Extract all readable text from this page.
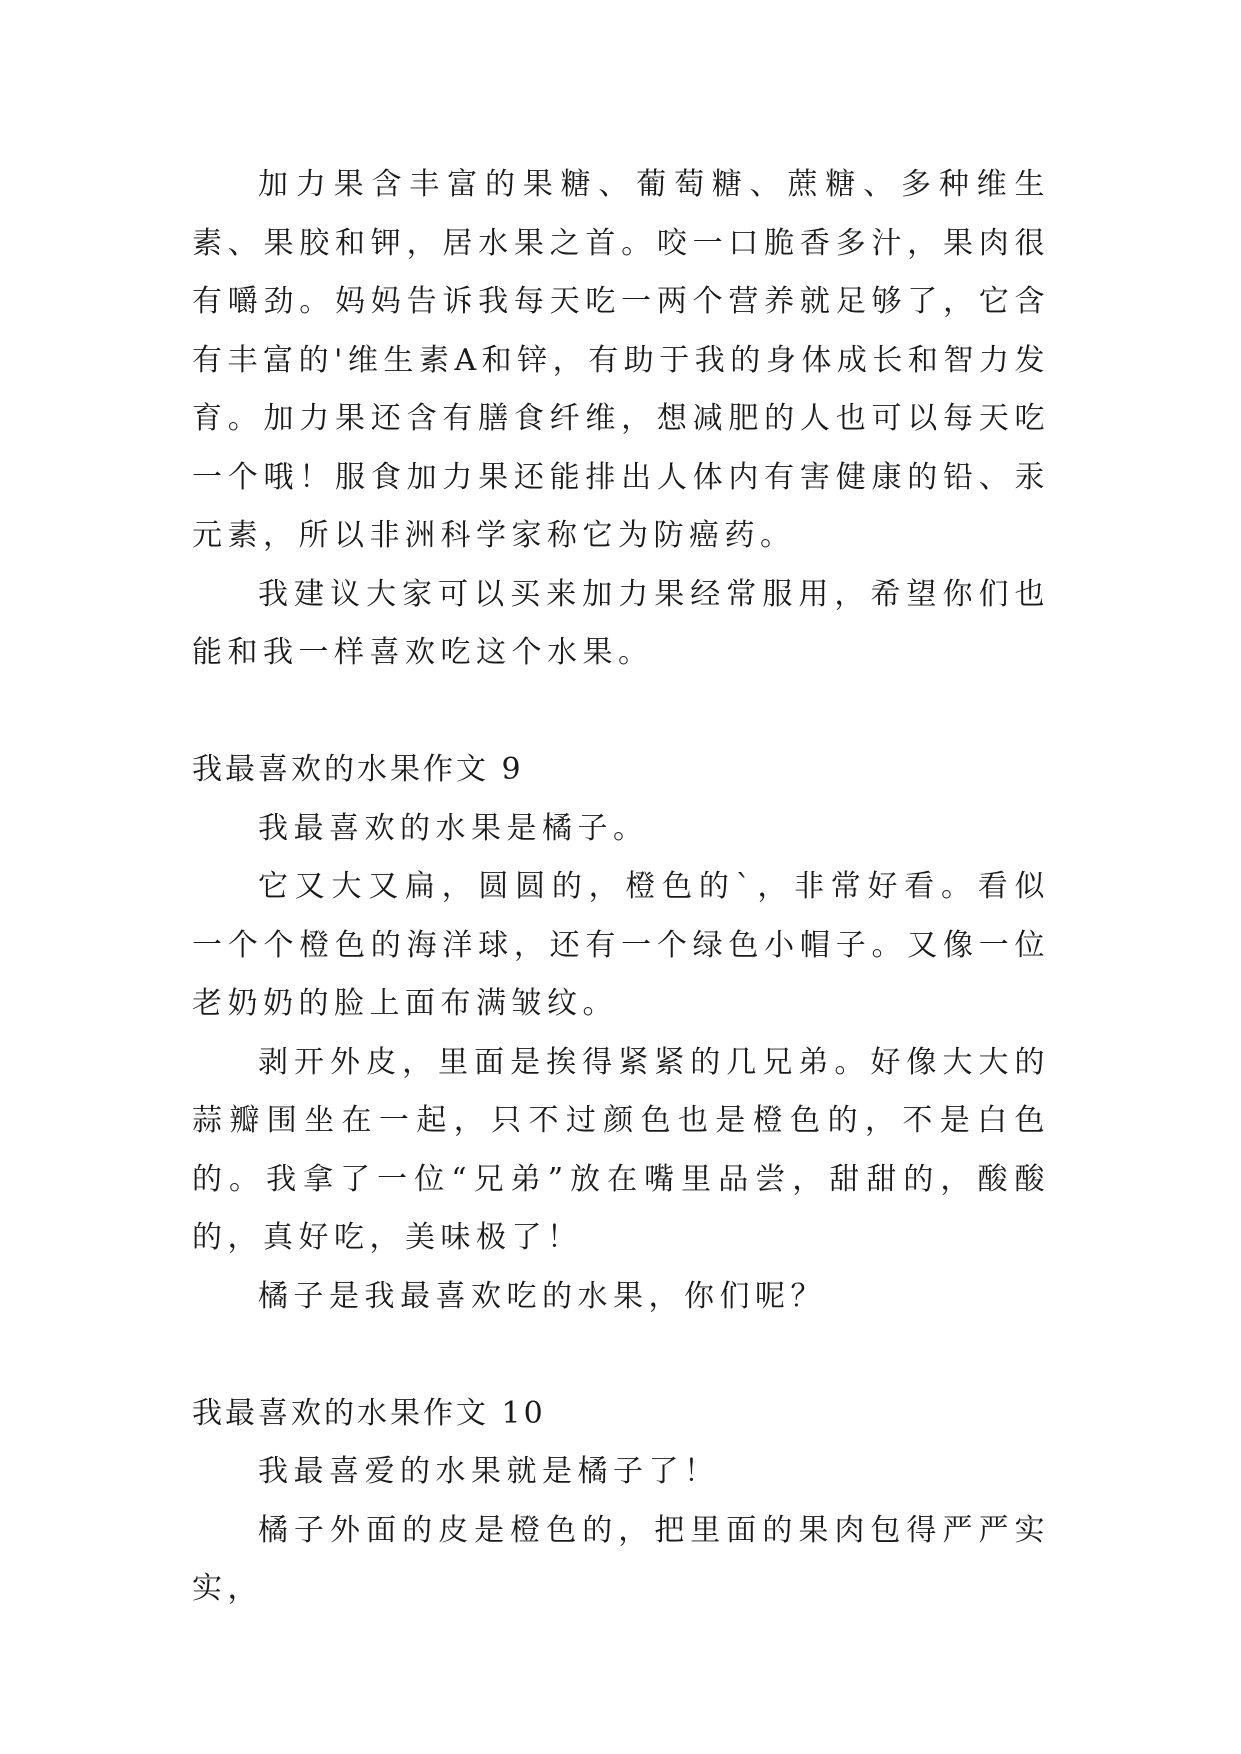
加力果含丰富的果糖、葡萄糖、蔗糖、多种维生素、果胶和钾，居水果之首。咬一口脆香多汁，果肉很有嚼劲。妈妈告诉我每天吃一两个营养就足够了，它含有丰富的'维生素A和锌，有助于我的身体成长和智力发育。加力果还含有膳食纤维，想减肥的人也可以每天吃一个哦！服食加力果还能排出人体内有害健康的铅、汞元素，所以非洲科学家称它为防癌药。

我建议大家可以买来加力果经常服用，希望你们也能和我一样喜欢吃这个水果。

我最喜欢的水果作文 9

我最喜欢的水果是橘子。

它又大又扁，圆圆的，橙色的`，非常好看。看似一个个橙色的海洋球，还有一个绿色小帽子。又像一位老奶奶的脸上面布满皱纹。

剥开外皮，里面是挨得紧紧的几兄弟。好像大大的蒜瓣围坐在一起，只不过颜色也是橙色的，不是白色的。我拿了一位“兄弟”放在嘴里品尝，甜甜的，酸酸的，真好吃，美味极了！

橘子是我最喜欢吃的水果，你们呢？

我最喜欢的水果作文 10

我最喜爱的水果就是橘子了！

橘子外面的皮是橙色的，把里面的果肉包得严严实实，
